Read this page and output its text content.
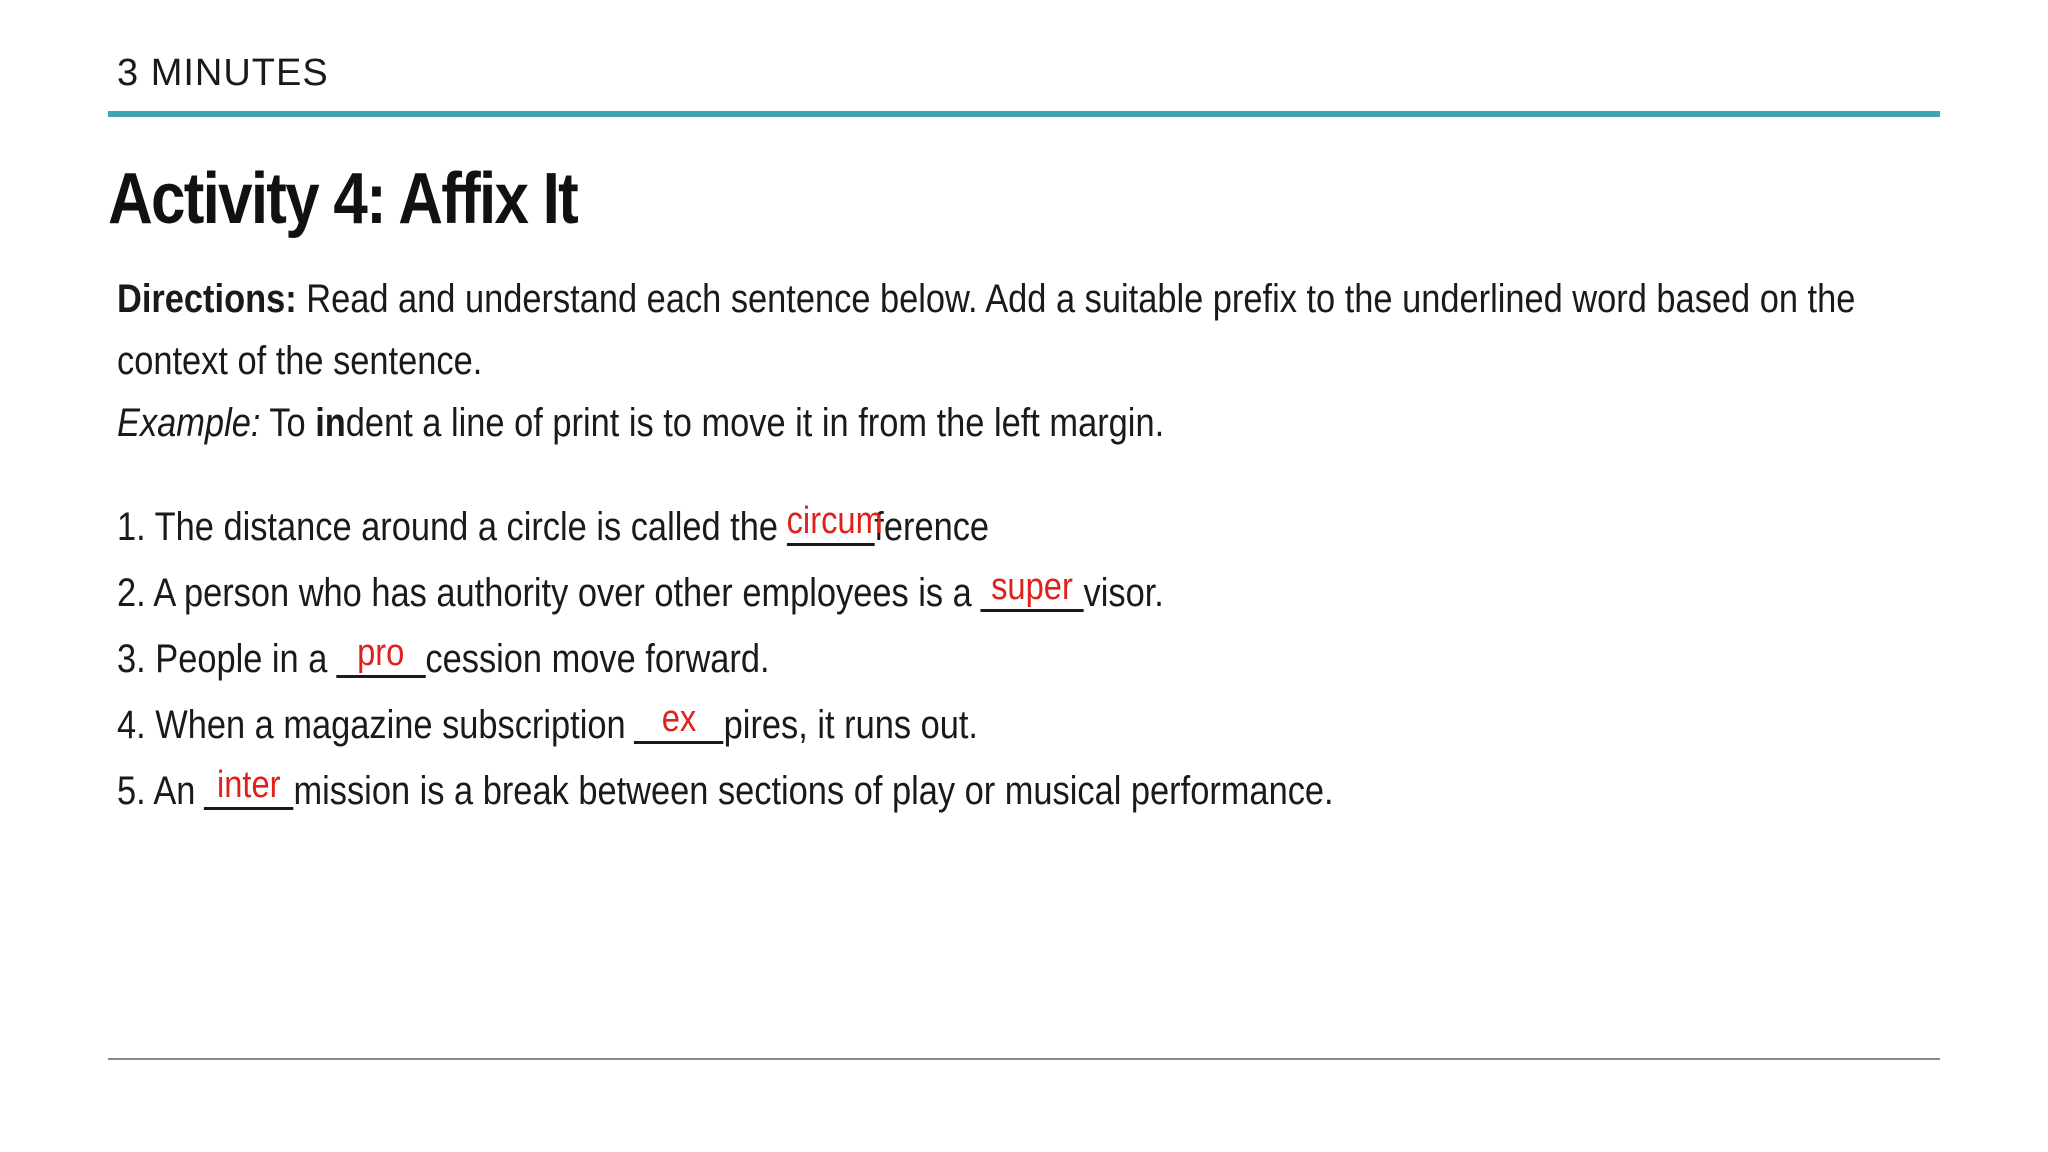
3 MINUTES
Activity 4: Affix It
Directions: Read and understand each sentence below. Add a suitable prefix to the underlined word based on the
context of the sentence.
Example: To indent a line of print is to move it in from the left margin.
1. The distance around a circle is called the circum
ference
2. A person who has authority over other employees is a super visor.
3. People in a pro cession move forward.
4. When a magazine subscription ex pires, it runs out.
5. An inter mission is a break between sections of play or musical performance.
